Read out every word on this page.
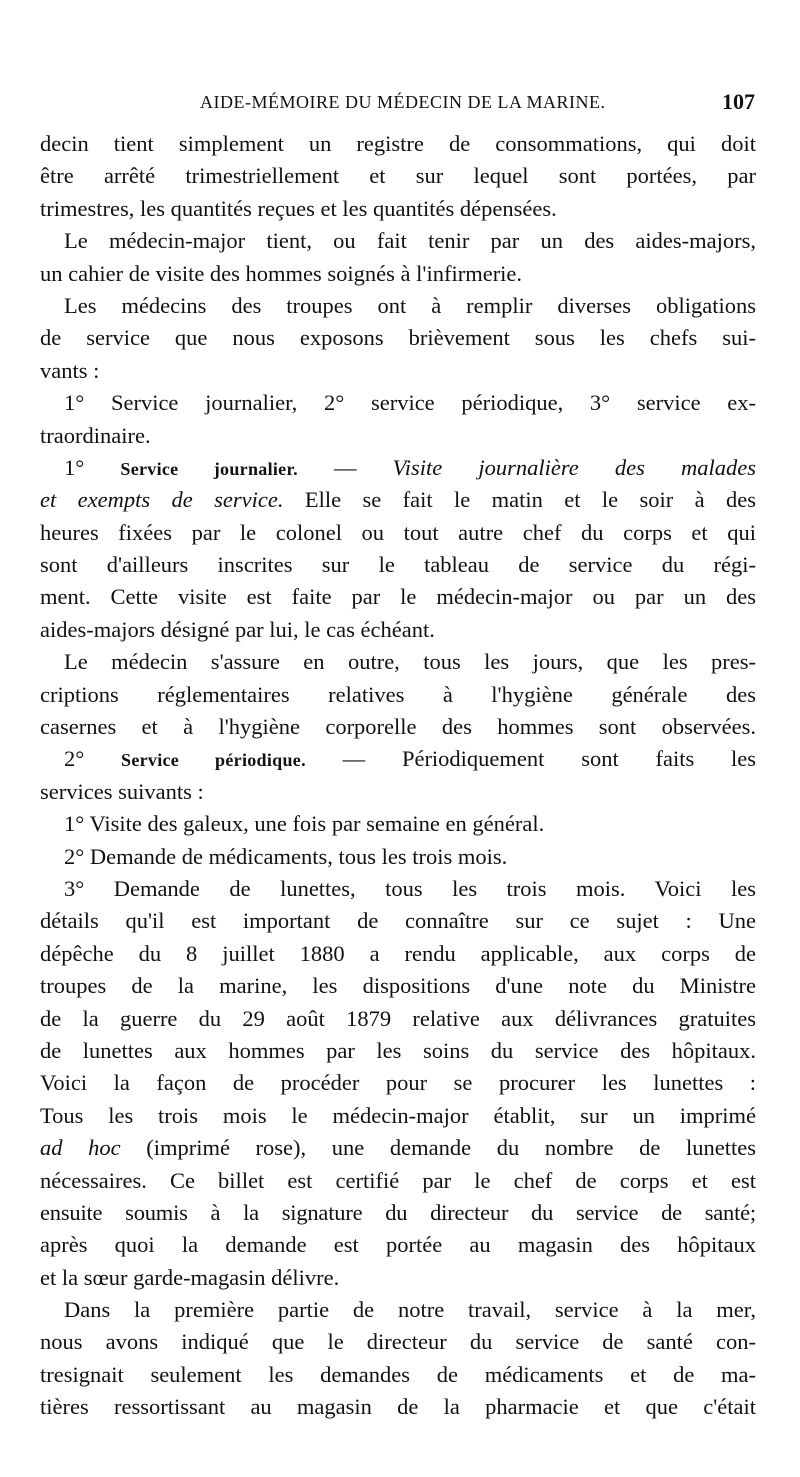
AIDE-MÉMOIRE DU MÉDECIN DE LA MARINE.	107
decin tient simplement un registre de consommations, qui doit
être arrêté trimestriellement et sur lequel sont portées, par
trimestres, les quantités reçues et les quantités dépensées.
Le médecin-major tient, ou fait tenir par un des aides-majors,
un cahier de visite des hommes soignés à l'infirmerie.
Les médecins des troupes ont à remplir diverses obligations
de service que nous exposons brièvement sous les chefs sui-
vants :
1° Service journalier, 2° service périodique, 3° service ex-
traordinaire.
1° Service journalier. — Visite journalière des malades
et exempts de service. Elle se fait le matin et le soir à des
heures fixées par le colonel ou tout autre chef du corps et qui
sont d'ailleurs inscrites sur le tableau de service du régi-
ment. Cette visite est faite par le médecin-major ou par un des
aides-majors désigné par lui, le cas échéant.
Le médecin s'assure en outre, tous les jours, que les pres-
criptions réglementaires relatives à l'hygiène générale des
casernes et à l'hygiène corporelle des hommes sont observées.
2° Service périodique. — Périodiquement sont faits les
services suivants :
1° Visite des galeux, une fois par semaine en général.
2° Demande de médicaments, tous les trois mois.
3° Demande de lunettes, tous les trois mois. Voici les
détails qu'il est important de connaître sur ce sujet : Une
dépêche du 8 juillet 1880 a rendu applicable, aux corps de
troupes de la marine, les dispositions d'une note du Ministre
de la guerre du 29 août 1879 relative aux délivrances gratuites
de lunettes aux hommes par les soins du service des hôpitaux.
Voici la façon de procéder pour se procurer les lunettes :
Tous les trois mois le médecin-major établit, sur un imprimé
ad hoc (imprimé rose), une demande du nombre de lunettes
nécessaires. Ce billet est certifié par le chef de corps et est
ensuite soumis à la signature du directeur du service de santé;
après quoi la demande est portée au magasin des hôpitaux
et la sœur garde-magasin délivre.
Dans la première partie de notre travail, service à la mer,
nous avons indiqué que le directeur du service de santé con-
tresignait seulement les demandes de médicaments et de ma-
tières ressortissant au magasin de la pharmacie et que c'était
